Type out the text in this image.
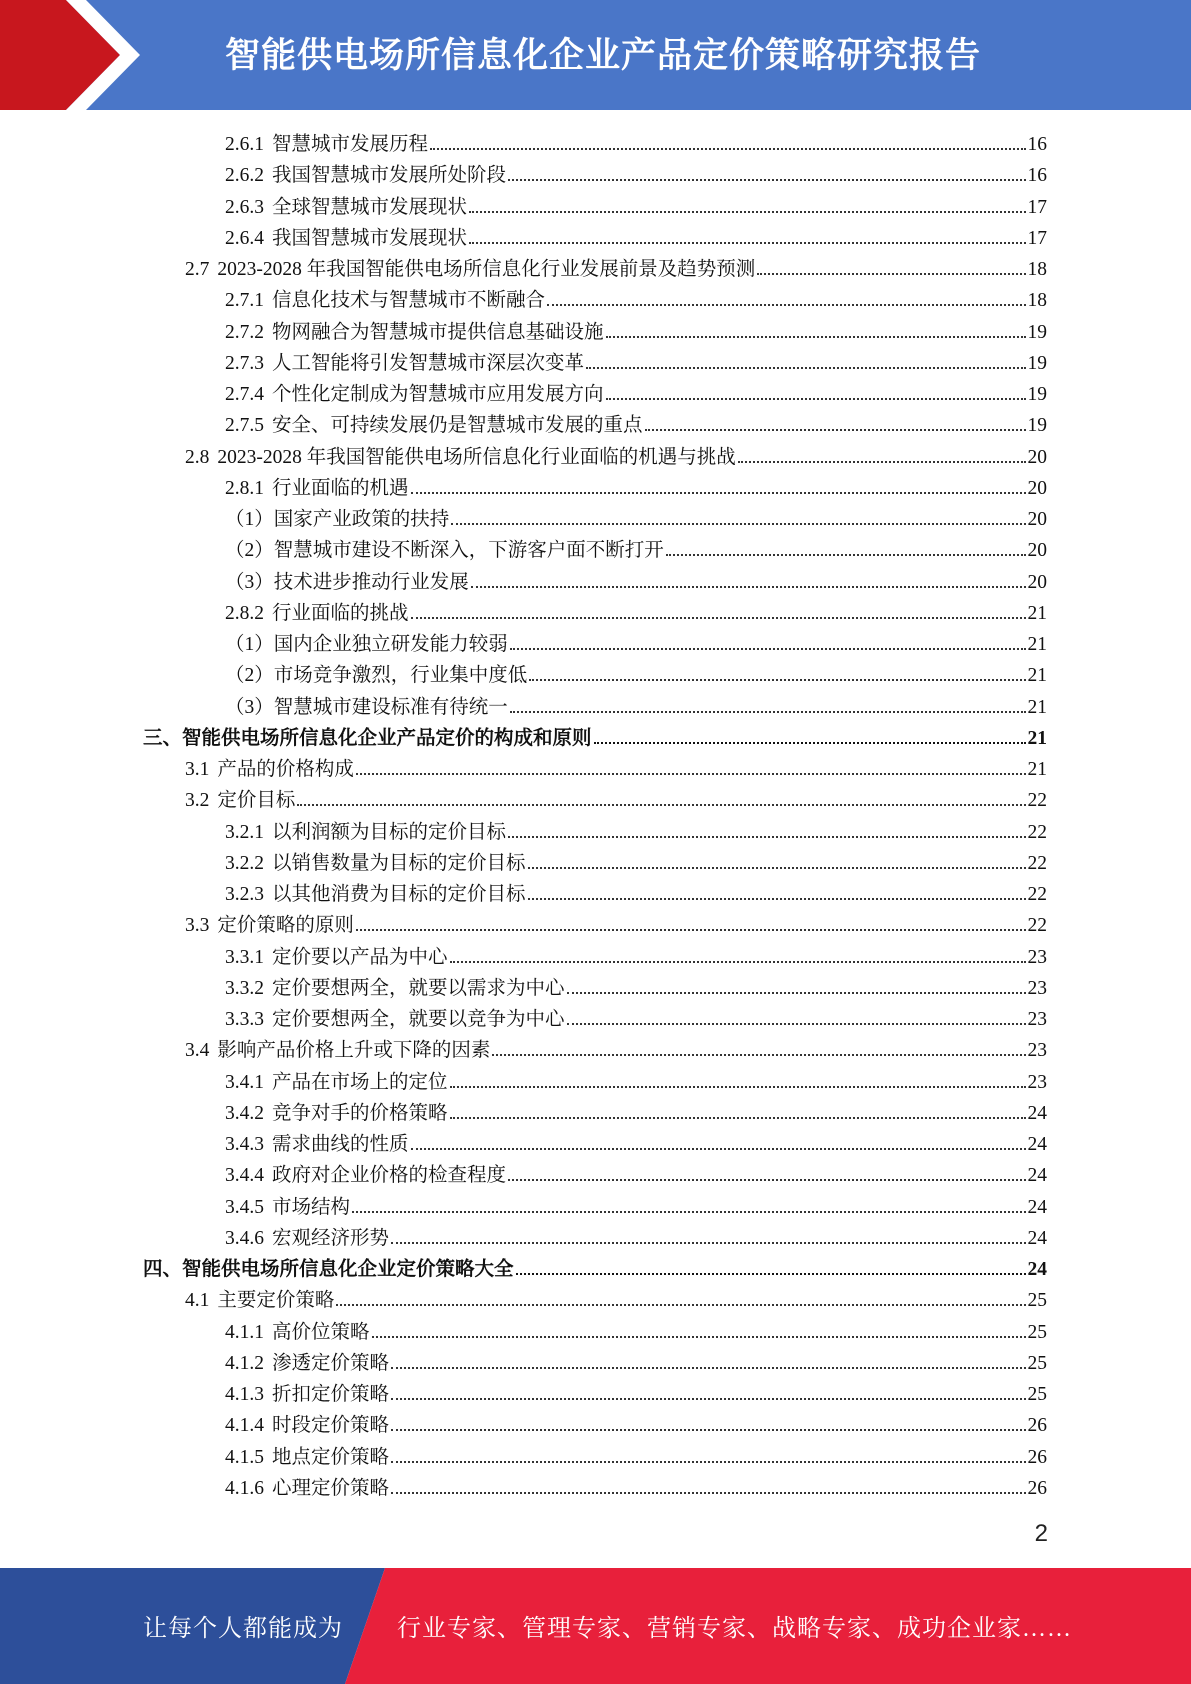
智能供电场所信息化企业产品定价策略研究报告
2.6.1 智慧城市发展历程	16
2.6.2 我国智慧城市发展所处阶段	16
2.6.3 全球智慧城市发展现状	17
2.6.4 我国智慧城市发展现状	17
2.7 2023-2028 年我国智能供电场所信息化行业发展前景及趋势预测	18
2.7.1 信息化技术与智慧城市不断融合	18
2.7.2 物网融合为智慧城市提供信息基础设施	19
2.7.3 人工智能将引发智慧城市深层次变革	19
2.7.4 个性化定制成为智慧城市应用发展方向	19
2.7.5 安全、可持续发展仍是智慧城市发展的重点	19
2.8 2023-2028 年我国智能供电场所信息化行业面临的机遇与挑战	20
2.8.1 行业面临的机遇	20
（1） 国家产业政策的扶持	20
（2） 智慧城市建设不断深入，下游客户面不断打开	20
（3） 技术进步推动行业发展	20
2.8.2 行业面临的挑战	21
（1） 国内企业独立研发能力较弱	21
（2） 市场竞争激烈，行业集中度低	21
（3） 智慧城市建设标准有待统一	21
三、 智能供电场所信息化企业产品定价的构成和原则	21
3.1 产品的价格构成	21
3.2 定价目标	22
3.2.1 以利润额为目标的定价目标	22
3.2.2 以销售数量为目标的定价目标	22
3.2.3 以其他消费为目标的定价目标	22
3.3 定价策略的原则	22
3.3.1 定价要以产品为中心	23
3.3.2 定价要想两全，就要以需求为中心	23
3.3.3 定价要想两全，就要以竞争为中心	23
3.4 影响产品价格上升或下降的因素	23
3.4.1 产品在市场上的定位	23
3.4.2 竞争对手的价格策略	24
3.4.3 需求曲线的性质	24
3.4.4 政府对企业价格的检查程度	24
3.4.5 市场结构	24
3.4.6 宏观经济形势	24
四、 智能供电场所信息化企业定价策略大全	24
4.1 主要定价策略	25
4.1.1 高价位策略	25
4.1.2 渗透定价策略	25
4.1.3 折扣定价策略	25
4.1.4 时段定价策略	26
4.1.5 地点定价策略	26
4.1.6 心理定价策略	26
2
让每个人都能成为 行业专家、管理专家、营销专家、战略专家、成功企业家……
